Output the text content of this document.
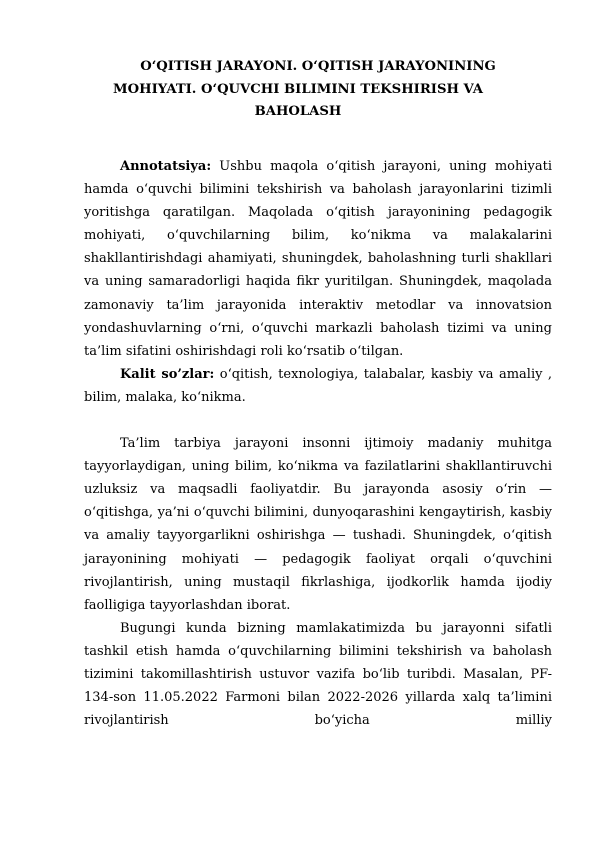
O‘QITISH JARAYONI. O‘QITISH JARAYONINING
MOHIYATI. O‘QUVCHI BILIMINI TEKSHIRISH VA
BAHOLASH

Annotatsiya: Ushbu maqola o‘qitish jarayoni, uning mohiyati hamda o‘quvchi bilimini tekshirish va baholash jarayonlarini tizimli yoritishga qaratilgan. Maqolada o‘qitish jarayonining pedagogik mohiyati, o‘quvchilarning bilim, ko‘nikma va malakalarini shakllantirishdagi ahamiyati, shuningdek, baholashning turli shakllari va uning samaradorligi haqida fikr yuritilgan. Shuningdek, maqolada zamonaviy ta’lim jarayonida interaktiv metodlar va innovatsion yondashuvlarning o‘rni, o‘quvchi markazli baholash tizimi va uning ta’lim sifatini oshirishdagi roli ko‘rsatib o‘tilgan.

Kalit so’zlar: o‘qitish, texnologiya, talabalar, kasbiy va amaliy , bilim, malaka, ko‘nikma.

Ta’lim tarbiya jarayoni insonni ijtimoiy madaniy muhitga tayyorlaydigan, uning bilim, ko‘nikma va fazilatlarini shakllantiruvchi uzluksiz va maqsadli faoliyatdir. Bu jarayonda asosiy o‘rin — o‘qitishga, ya’ni o‘quvchi bilimini, dunyoqarashini kengaytirish, kasbiy va amaliy tayyorgarlikni oshirishga — tushadi. Shuningdek, o‘qitish jarayonining mohiyati — pedagogik faoliyat orqali o‘quvchini rivojlantirish, uning mustaqil fikrlashiga, ijodkorlik hamda ijodiy faolligiga tayyorlashdan iborat.

Bugungi kunda bizning mamlakatimizda bu jarayonni sifatli tashkil etish hamda o‘quvchilarning bilimini tekshirish va baholash tizimini takomillashtirish ustuvor vazifa bo‘lib turibdi. Masalan, PF-134-son 11.05.2022 Farmoni bilan 2022-2026 yillarda xalq ta’limini rivojlantirish bo‘yicha milliy
